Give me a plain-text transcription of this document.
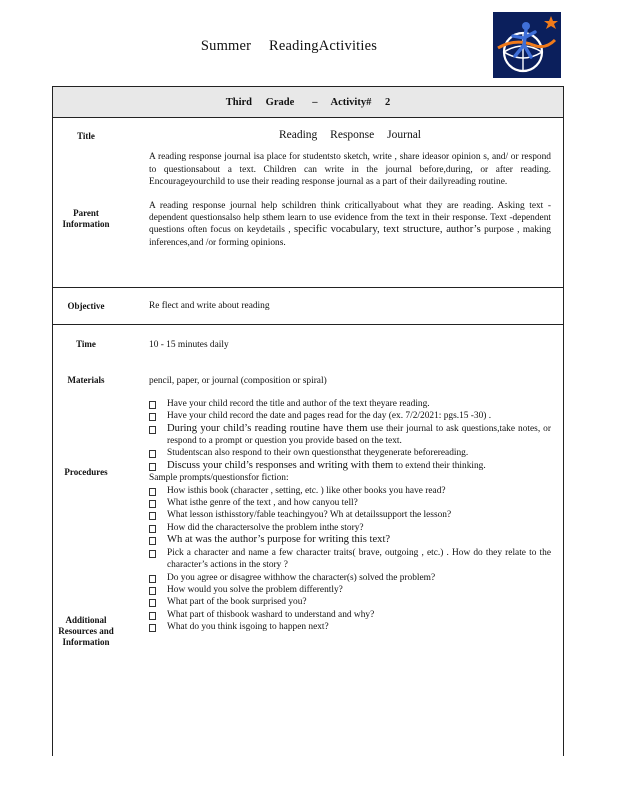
Summer ReadingActivities
Third Grade – Activity# 2
Title
Parent Information
Reading Response Journal

A reading response journal isa place for studentsto sketch, write , share ideasor opinion s, and/ or respond to questionsabout a text. Children can write in the journal before,during, or after reading. Encourageyourchild to use their reading response journal as a part of their dailyreading routine.

A reading response journal help schildren think criticallyabout what they are reading. Asking text - dependent questionsalso help sthem learn to use evidence from the text in their response. Text -dependent questions often focus on keydetails , specific vocabulary, text structure, author’s purpose , making inferences,and /or forming opinions.

Objective	Re flect and write about reading
Time
Materials
Procedures
Additional Resources and Information

10 - 15 minutes daily

pencil, paper, or journal (composition or spiral)

Have your child record the title and author of the text theyare reading.
Have your child record the date and pages read for the day (ex. 7/2/2021: pgs.15 -30) .
During your child’s reading routine have them use their journal to ask questions,take notes, or respond to a prompt or question you provide based on the text.
Studentscan also respond to their own questionsthat theygenerate beforereading.
Discuss your child’s responses and writing with them to extend their thinking.

Sample prompts/questionsfor fiction:

How isthis book (character , setting, etc. ) like other books you have read?
What isthe genre of the text , and how canyou tell?
What lesson isthisstory/fable teachingyou? Wh at detailssupport the lesson?
How did the charactersolve the problem inthe story?
Wh at was the author’s purpose for writing this text?
Pick a character and name a few character traits( brave, outgoing , etc.) . How do they relate to the character’s actions in the story ?
Do you agree or disagree withhow the character(s) solved the problem?
How would you solve the problem differently?
What part of the book surprised you?
What part of thisbook washard to understand and why?
What do you think isgoing to happen next?
